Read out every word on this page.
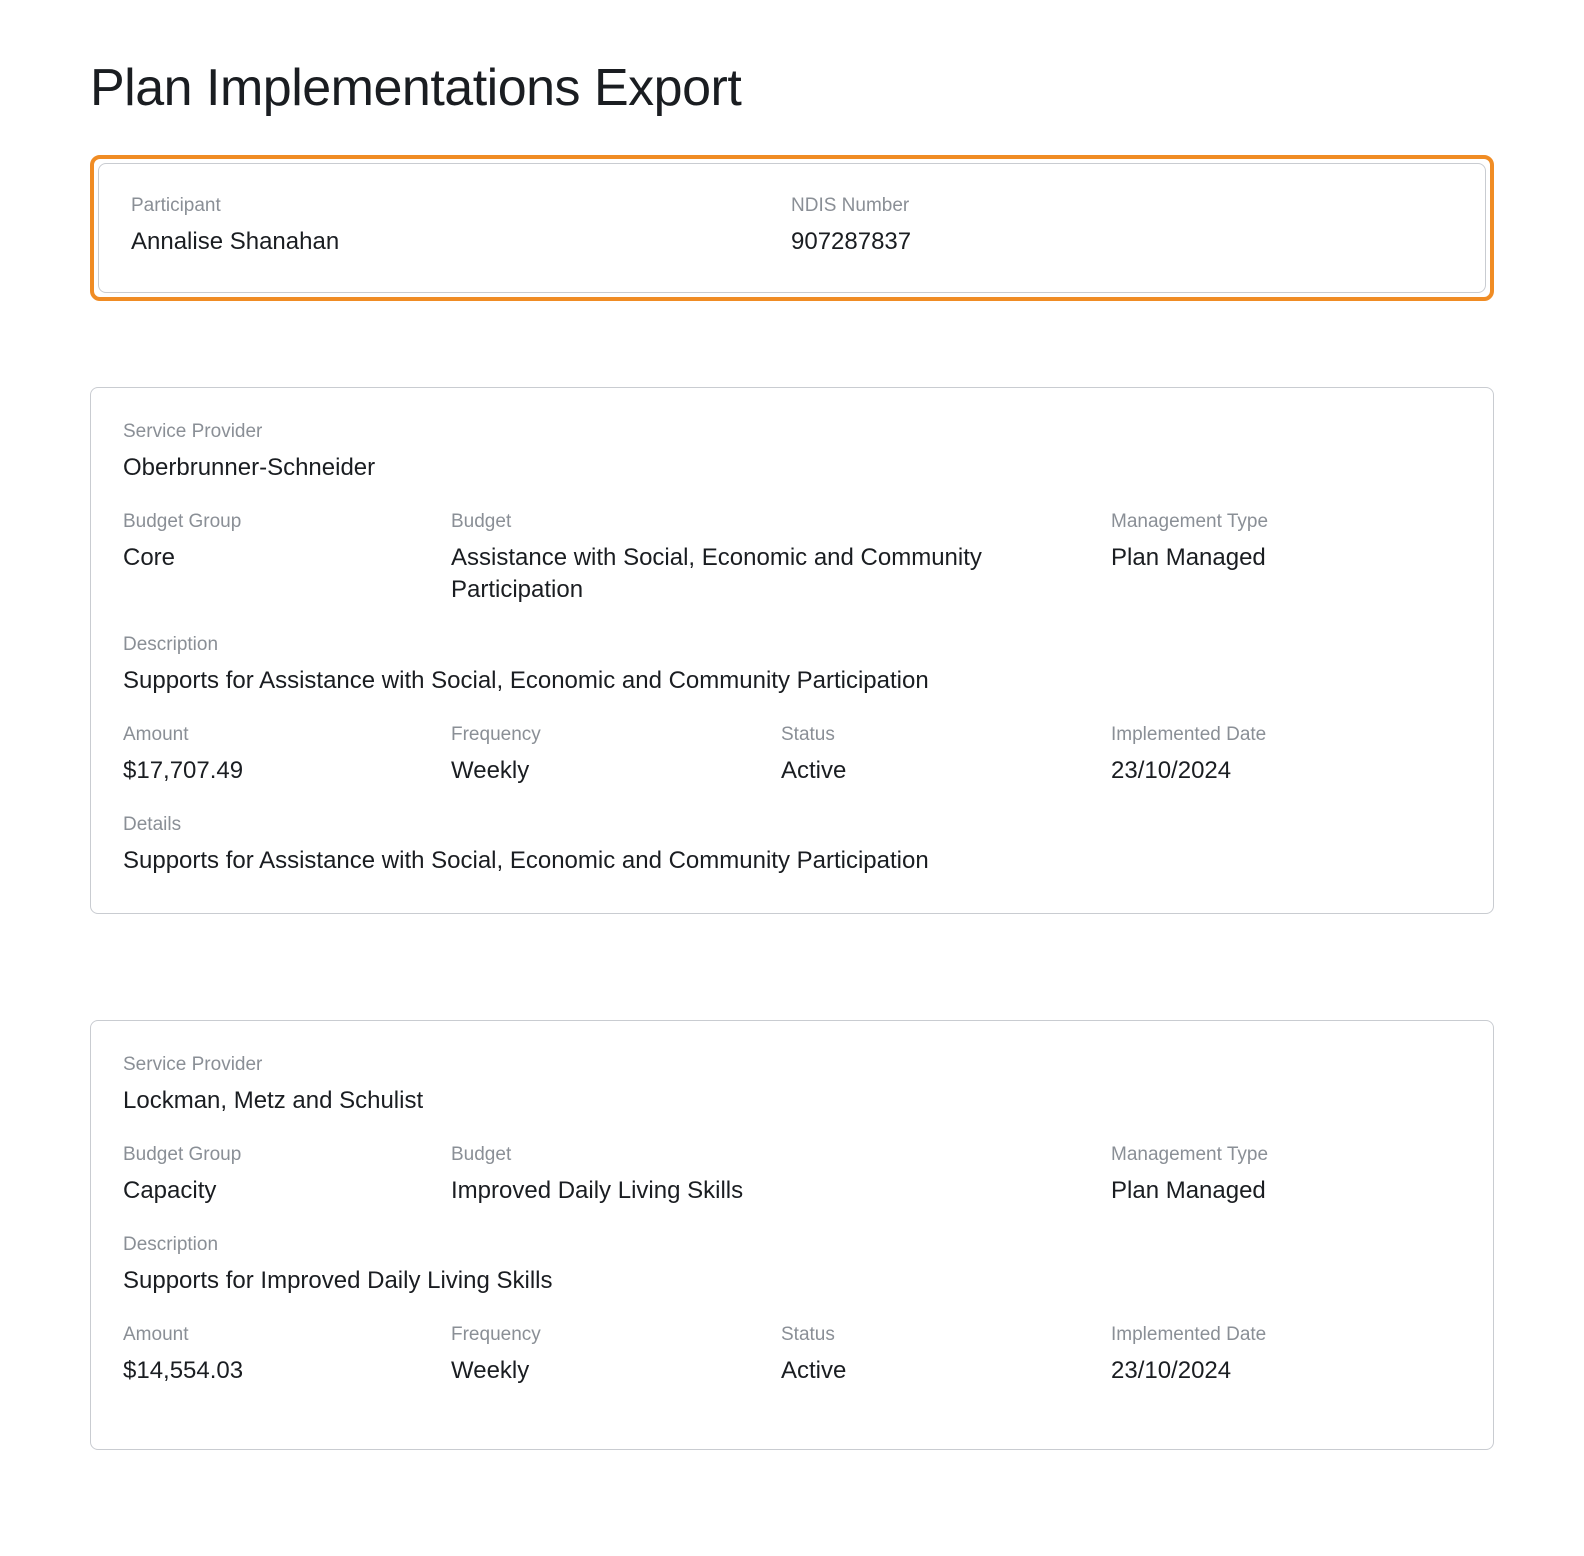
Plan Implementations Export
Participant
Annalise Shanahan
NDIS Number
907287837
Service Provider
Oberbrunner-Schneider
Budget Group
Core
Budget
Assistance with Social, Economic and Community Participation
Management Type
Plan Managed
Description
Supports for Assistance with Social, Economic and Community Participation
Amount
$17,707.49
Frequency
Weekly
Status
Active
Implemented Date
23/10/2024
Details
Supports for Assistance with Social, Economic and Community Participation
Service Provider
Lockman, Metz and Schulist
Budget Group
Capacity
Budget
Improved Daily Living Skills
Management Type
Plan Managed
Description
Supports for Improved Daily Living Skills
Amount
$14,554.03
Frequency
Weekly
Status
Active
Implemented Date
23/10/2024
